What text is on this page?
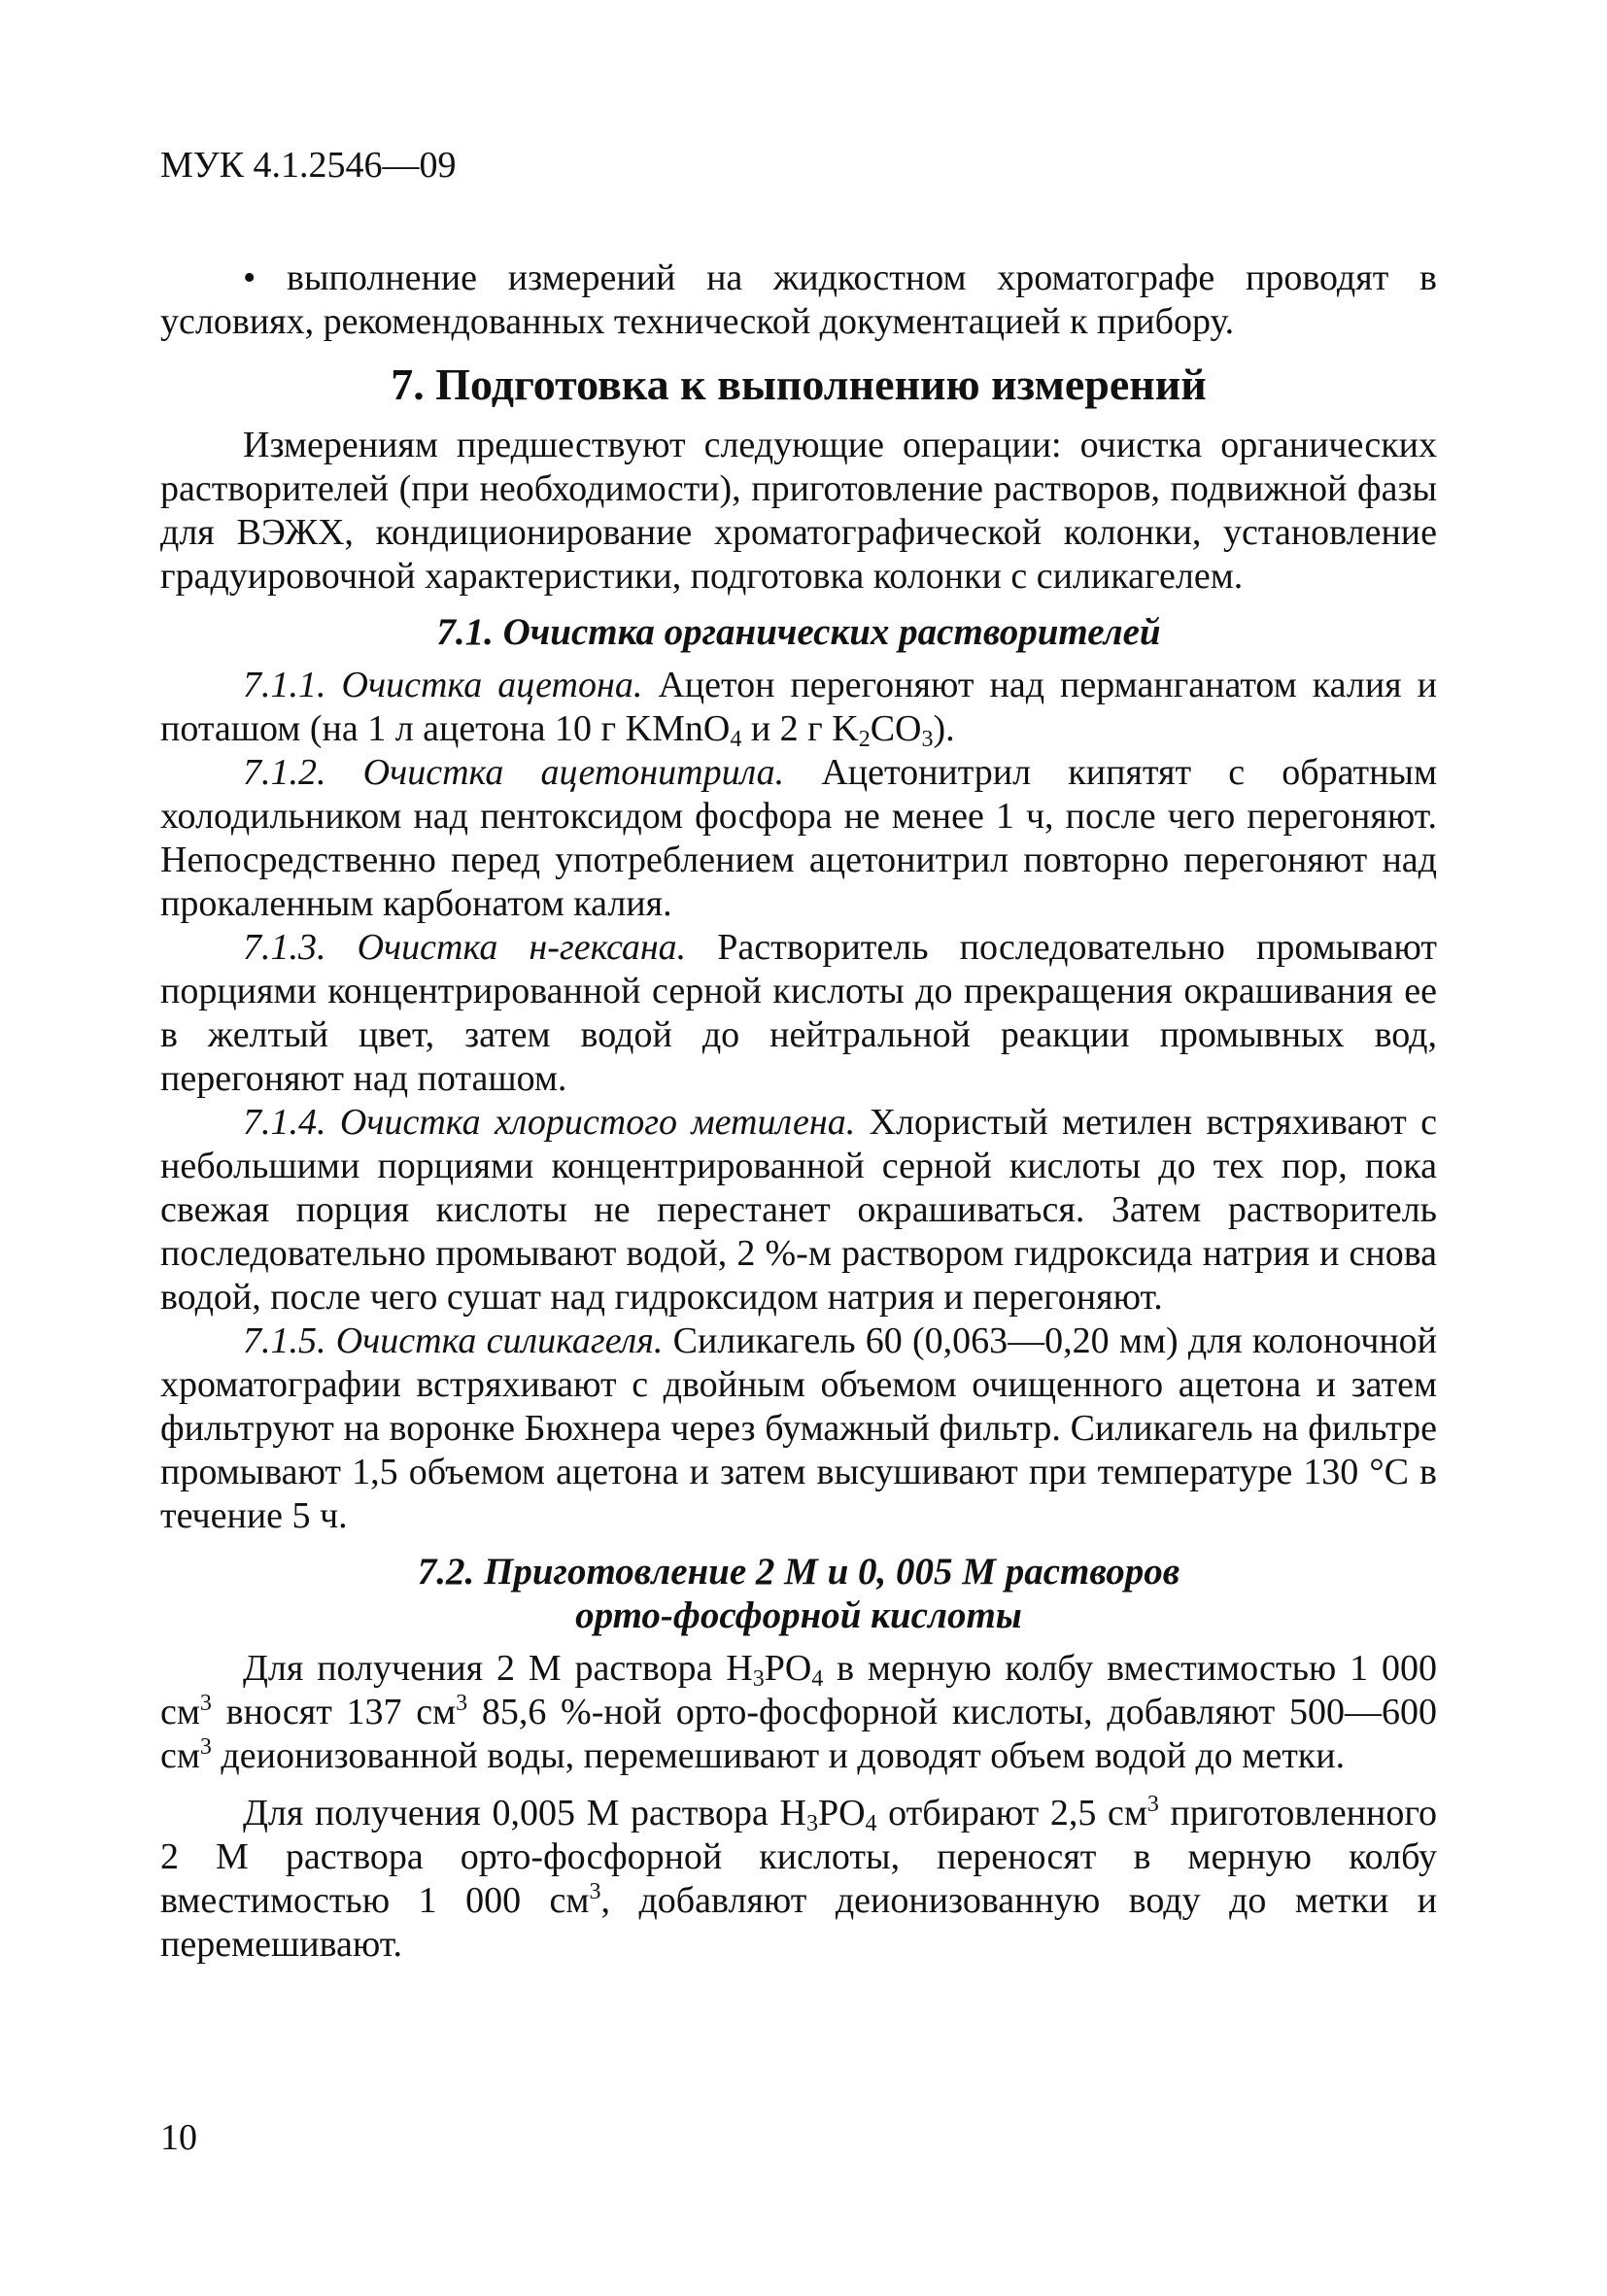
МУК 4.1.2546—09

• выполнение измерений на жидкостном хроматографе проводят в условиях, рекомендованных технической документацией к прибору.

7. Подготовка к выполнению измерений

Измерениям предшествуют следующие операции: очистка органических растворителей (при необходимости), приготовление растворов, подвижной фазы для ВЭЖХ, кондиционирование хроматографической колонки, установление градуировочной характеристики, подготовка колонки с силикагелем.

7.1. Очистка органических растворителей

7.1.1. Очистка ацетона. Ацетон перегоняют над перманганатом калия и поташом (на 1 л ацетона 10 г KMnO$_4$ и 2 г $K_2CO_3$).

7.1.2. Очистка ацетонитрила. Ацетонитрил кипятят с обратным холодильником над пентоксидом фосфора не менее 1 ч, после чего перегоняют. Непосредственно перед употреблением ацетонитрил повторно перегоняют над прокаленным карбонатом калия.

7.1.3. Очистка н-гексана. Растворитель последовательно промывают порциями концентрированной серной кислоты до прекращения окрашивания ее в желтый цвет, затем водой до нейтральной реакции промывных вод, перегоняют над поташом.

7.1.4. Очистка хлористого метилена. Хлористый метилен встряхивают с небольшими порциями концентрированной серной кислоты до тех пор, пока свежая порция кислоты не перестанет окрашиваться. Затем растворитель последовательно промывают водой, 2 %-м раствором гидроксида натрия и снова водой, после чего сушат над гидроксидом натрия и перегоняют.

7.1.5. Очистка силикагеля. Силикагель 60 (0,063—0,20 мм) для колоночной хроматографии встряхивают с двойным объемом очищенного ацетона и затем фильтруют на воронке Бюхнера через бумажный фильтр. Силикагель на фильтре промывают 1,5 объемом ацетона и затем высушивают при температуре 130 °С в течение 5 ч.

7.2. Приготовление 2 М и 0, 005 М растворов
орто-фосфорной кислоты

Для получения 2 М раствора $H_3PO_4$ в мерную колбу вместимостью 1 000 $см^3$ вносят 137 $см^3$ 85,6 %-ной орто-фосфорной кислоты, добавляют 500—600 $см^3$ деионизованной воды, перемешивают и доводят объем водой до метки.

Для получения 0,005 М раствора $H_3PO_4$ отбирают 2,5 $см^3$ приготовленного 2 М раствора орто-фосфорной кислоты, переносят в мерную колбу вместимостью 1 000 $см^3$, добавляют деионизованную воду до метки и перемешивают.

10
